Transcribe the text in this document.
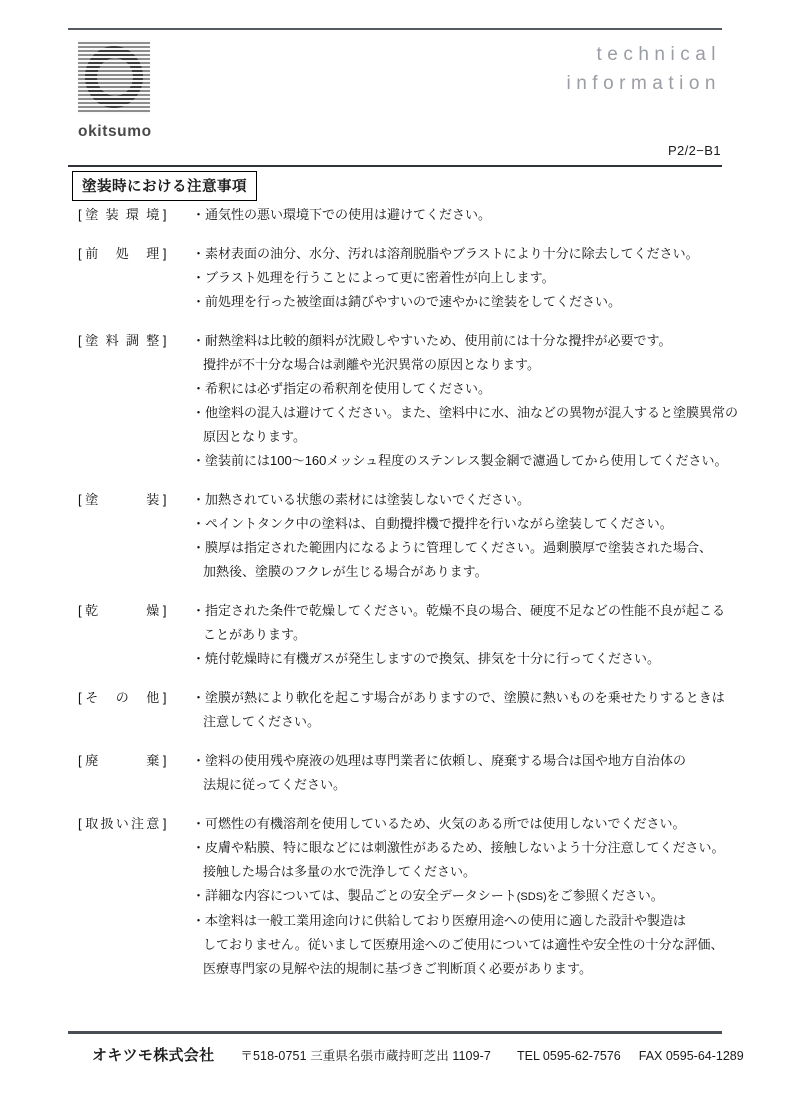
okitsumo
technical
information
P2/2−B1
塗装時における注意事項
[ 塗装環境 ]	・通気性の悪い環境下での使用は避けてください。
[ 前処理 ]	・素材表面の油分、水分、汚れは溶剤脱脂やブラストにより十分に除去してください。
・ブラスト処理を行うことによって更に密着性が向上します。
・前処理を行った被塗面は錆びやすいので速やかに塗装をしてください。
[ 塗料調整 ]	・耐熱塗料は比較的顔料が沈殿しやすいため、使用前には十分な攪拌が必要です。
攪拌が不十分な場合は剥離や光沢異常の原因となります。
・希釈には必ず指定の希釈剤を使用してください。
・他塗料の混入は避けてください。また、塗料中に水、油などの異物が混入すると塗膜異常の
原因となります。
・塗装前には100〜160メッシュ程度のステンレス製金網で濾過してから使用してください。
[ 塗装 ]	・加熱されている状態の素材には塗装しないでください。
・ペイントタンク中の塗料は、自動攪拌機で攪拌を行いながら塗装してください。
・膜厚は指定された範囲内になるように管理してください。過剰膜厚で塗装された場合、
加熱後、塗膜のフクレが生じる場合があります。
[ 乾燥 ]	・指定された条件で乾燥してください。乾燥不良の場合、硬度不足などの性能不良が起こる
ことがあります。
・焼付乾燥時に有機ガスが発生しますので換気、排気を十分に行ってください。
[ その他 ]	・塗膜が熱により軟化を起こす場合がありますので、塗膜に熱いものを乗せたりするときは
注意してください。
[ 廃棄 ]	・塗料の使用残や廃液の処理は専門業者に依頼し、廃棄する場合は国や地方自治体の
法規に従ってください。
[ 取扱い注意 ]	・可燃性の有機溶剤を使用しているため、火気のある所では使用しないでください。
・皮膚や粘膜、特に眼などには刺激性があるため、接触しないよう十分注意してください。
接触した場合は多量の水で洗浄してください。
・詳細な内容については、製品ごとの安全データシート(SDS)をご参照ください。
・本塗料は一般工業用途向けに供給しており医療用途への使用に適した設計や製造は
しておりません。従いまして医療用途へのご使用については適性や安全性の十分な評価、
医療専門家の見解や法的規制に基づきご判断頂く必要があります。
オキツモ株式会社 〒518-0751 三重県名張市蔵持町芝出 1109-7 TEL 0595-62-7576 FAX 0595-64-1289
